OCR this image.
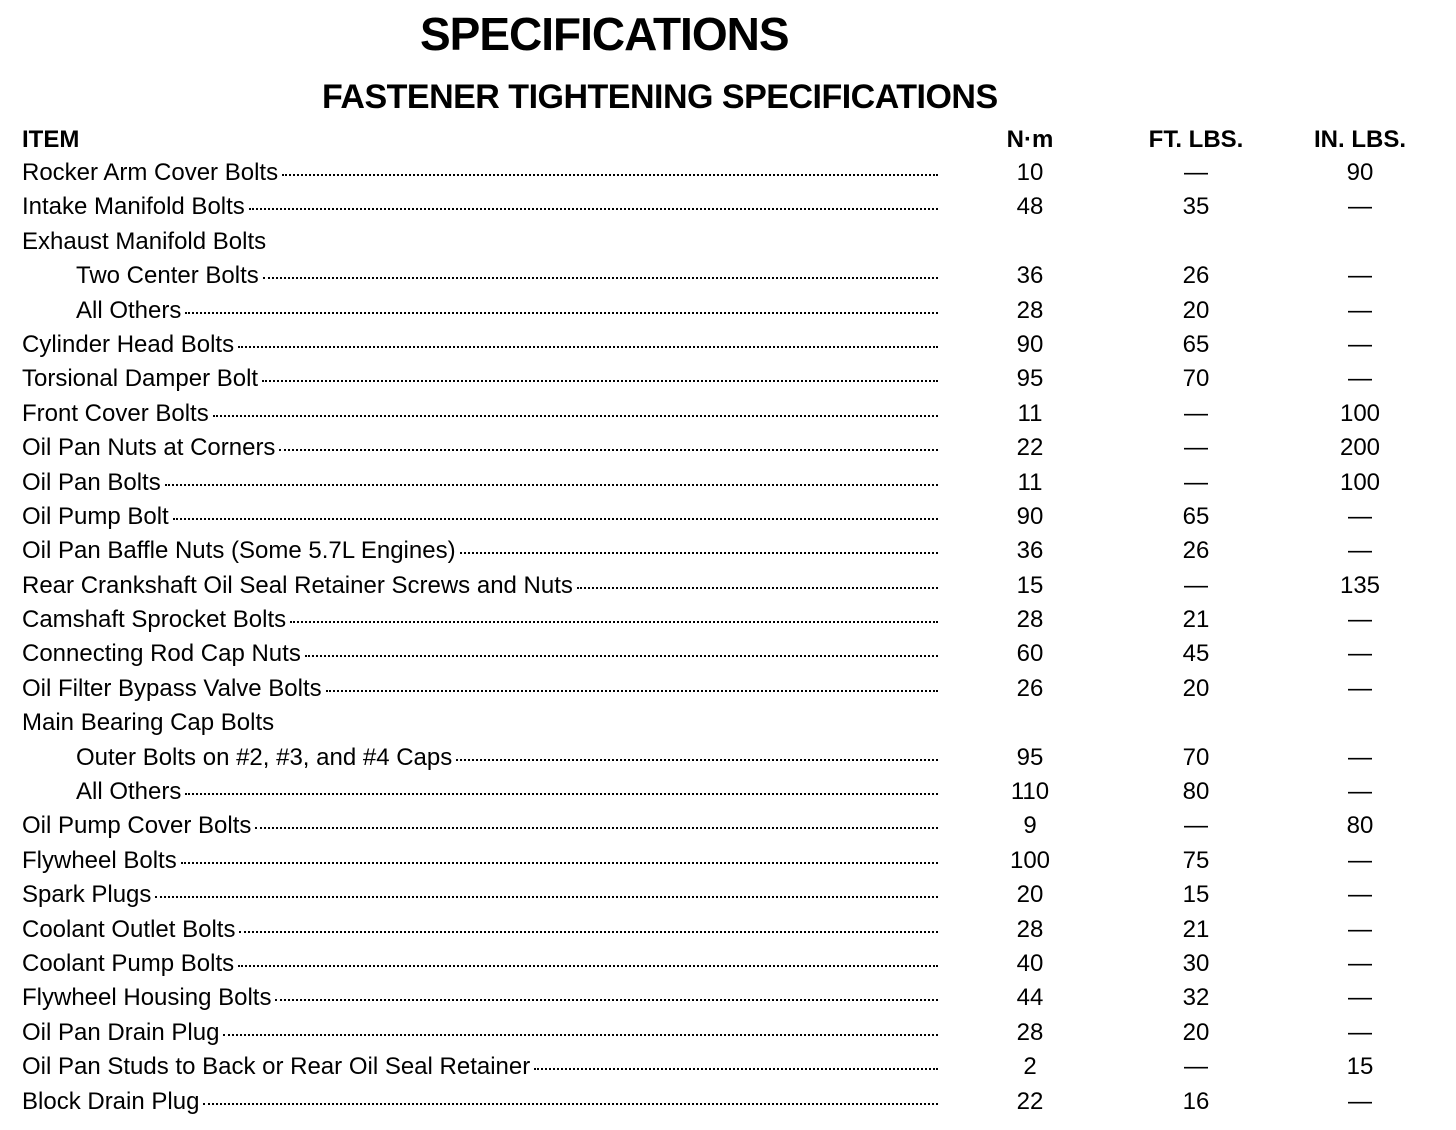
SPECIFICATIONS
FASTENER TIGHTENING SPECIFICATIONS
ITEM	N·m	FT. LBS.	IN. LBS.
Rocker Arm Cover Bolts	10	—	90
Intake Manifold Bolts	48	35	—
Exhaust Manifold Bolts
Two Center Bolts	36	26	—
All Others	28	20	—
Cylinder Head Bolts	90	65	—
Torsional Damper Bolt	95	70	—
Front Cover Bolts	11	—	100
Oil Pan Nuts at Corners	22	—	200
Oil Pan Bolts	11	—	100
Oil Pump Bolt	90	65	—
Oil Pan Baffle Nuts (Some 5.7L Engines)	36	26	—
Rear Crankshaft Oil Seal Retainer Screws and Nuts	15	—	135
Camshaft Sprocket Bolts	28	21	—
Connecting Rod Cap Nuts	60	45	—
Oil Filter Bypass Valve Bolts	26	20	—
Main Bearing Cap Bolts
Outer Bolts on #2, #3, and #4 Caps	95	70	—
All Others	110	80	—
Oil Pump Cover Bolts	9	—	80
Flywheel Bolts	100	75	—
Spark Plugs	20	15	—
Coolant Outlet Bolts	28	21	—
Coolant Pump Bolts	40	30	—
Flywheel Housing Bolts	44	32	—
Oil Pan Drain Plug	28	20	—
Oil Pan Studs to Back or Rear Oil Seal Retainer	2	—	15
Block Drain Plug	22	16	—
